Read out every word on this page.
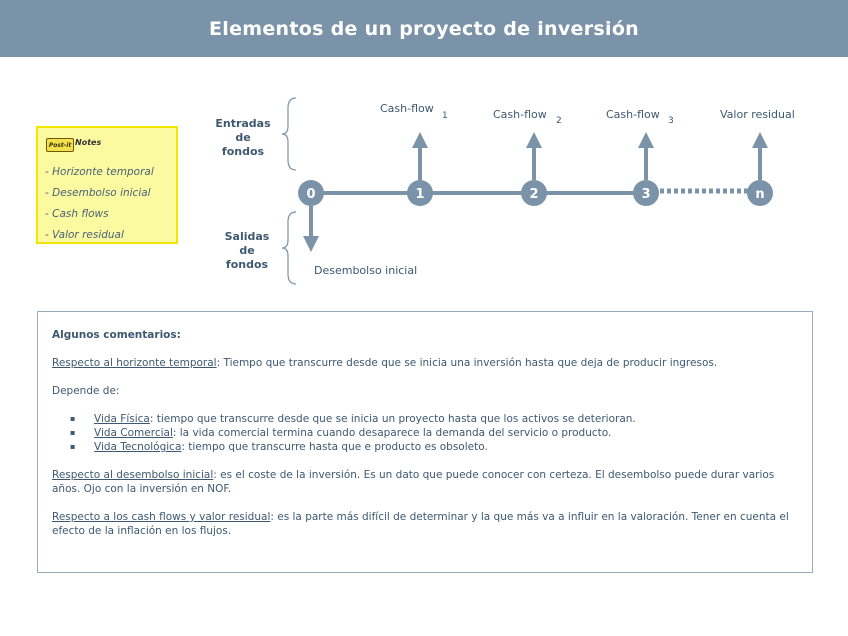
Elementos de un proyecto de inversión
Post-it Notes
- Horizonte temporal
- Desembolso inicial
- Cash flows
- Valor residual
Entradas
de
fondos
Salidas
de
fondos
0	1	2	3	n
Cash-flow
1	Cash-flow 2	Cash-flow 3	Valor residual
Desembolso inicial

Algunos comentarios:

Respecto al horizonte temporal: Tiempo que transcurre desde que se inicia una inversión hasta que deja de producir ingresos.

Depende de:

▪ Vida Física: tiempo que transcurre desde que se inicia un proyecto hasta que los activos se deterioran.
▪ Vida Comercial: la vida comercial termina cuando desaparece la demanda del servicio o producto.
▪ Vida Tecnológica: tiempo que transcurre hasta que e producto es obsoleto.

Respecto al desembolso inicial: es el coste de la inversión. Es un dato que puede conocer con certeza. El desembolso puede durar varios años. Ojo con la inversión en NOF.

Respecto a los cash flows y valor residual: es la parte más difícil de determinar y la que más va a influir en la valoración. Tener en cuenta el efecto de la inflación en los flujos.
